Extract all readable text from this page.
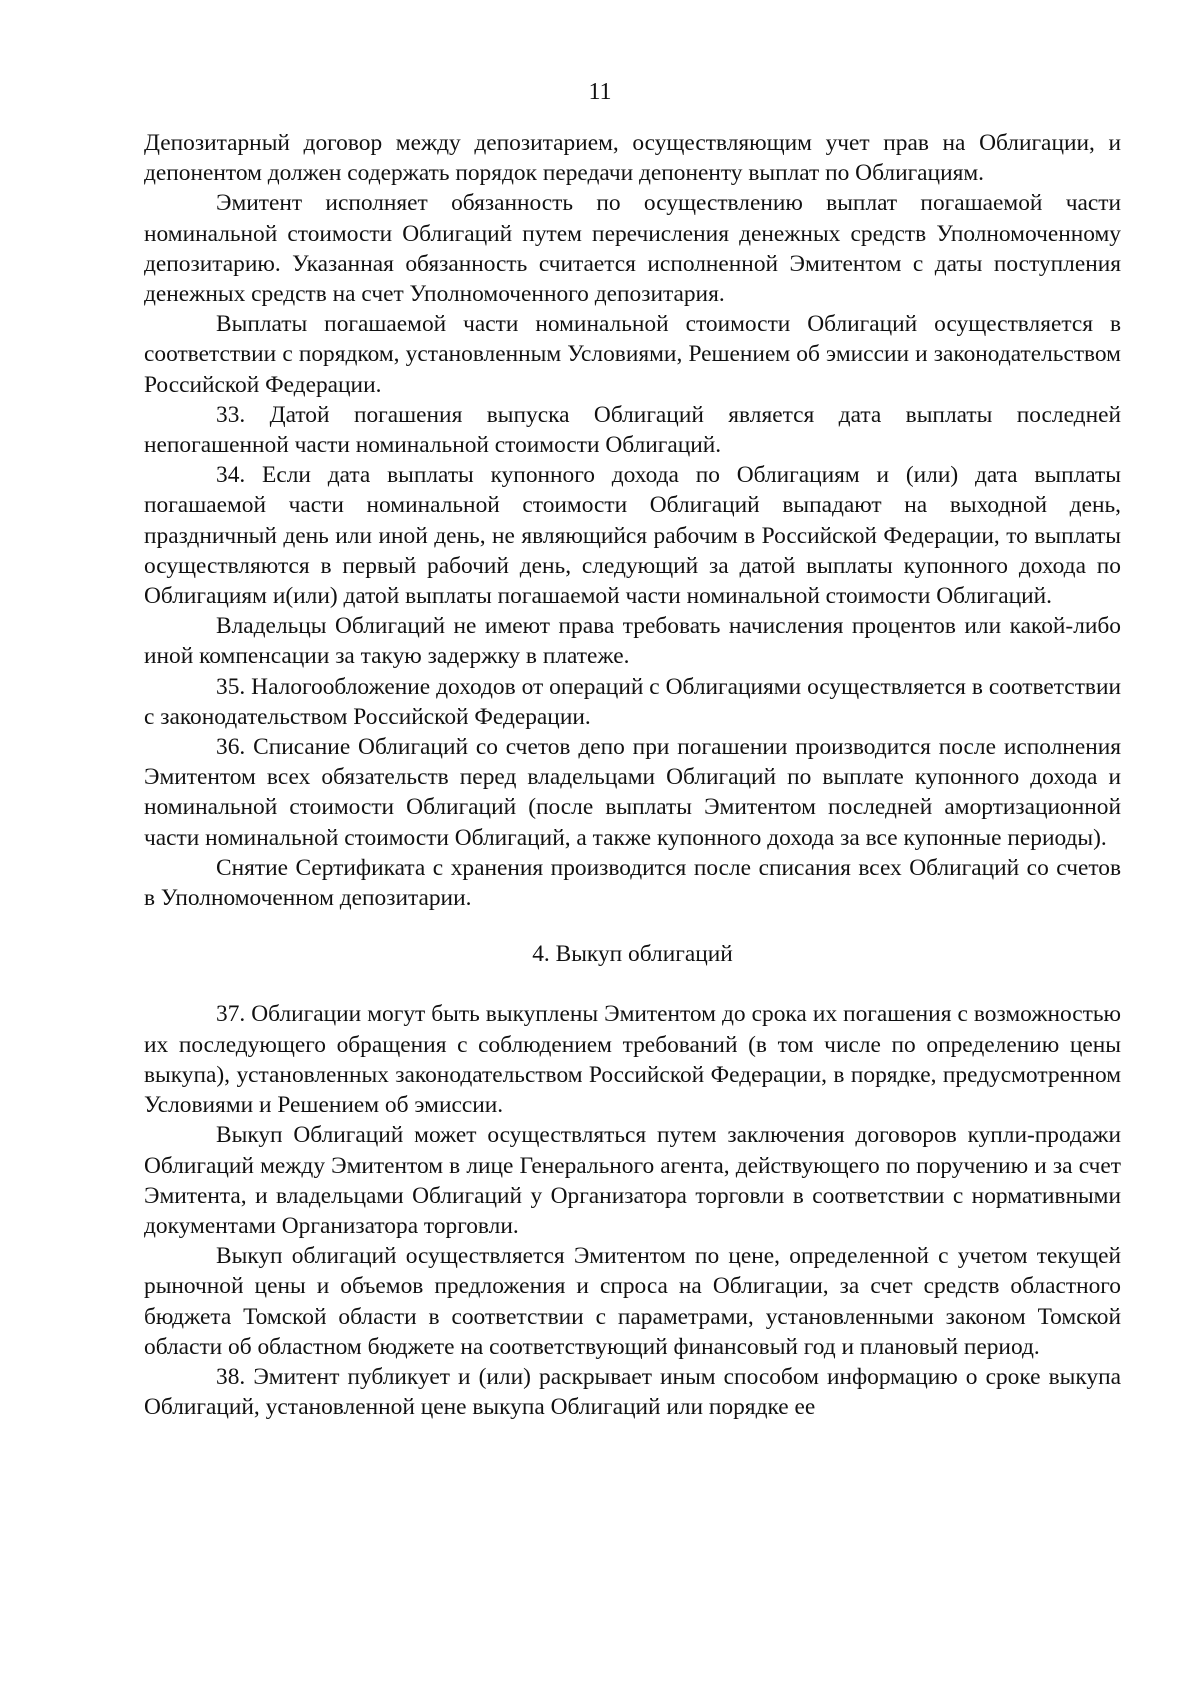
11

Депозитарный договор между депозитарием, осуществляющим учет прав на Облигации, и депонентом должен содержать порядок передачи депоненту выплат по Облигациям.

Эмитент исполняет обязанность по осуществлению выплат погашаемой части номинальной стоимости Облигаций путем перечисления денежных средств Уполномоченному депозитарию. Указанная обязанность считается исполненной Эмитентом с даты поступления денежных средств на счет Уполномоченного депозитария.

Выплаты погашаемой части номинальной стоимости Облигаций осуществляется в соответствии с порядком, установленным Условиями, Решением об эмиссии и законодательством Российской Федерации.

33. Датой погашения выпуска Облигаций является дата выплаты последней непогашенной части номинальной стоимости Облигаций.

34. Если дата выплаты купонного дохода по Облигациям и (или) дата выплаты погашаемой части номинальной стоимости Облигаций выпадают на выходной день, праздничный день или иной день, не являющийся рабочим в Российской Федерации, то выплаты осуществляются в первый рабочий день, следующий за датой выплаты купонного дохода по Облигациям и(или) датой выплаты погашаемой части номинальной стоимости Облигаций.

Владельцы Облигаций не имеют права требовать начисления процентов или какой-либо иной компенсации за такую задержку в платеже.

35. Налогообложение доходов от операций с Облигациями осуществляется в соответствии с законодательством Российской Федерации.

36. Списание Облигаций со счетов депо при погашении производится после исполнения Эмитентом всех обязательств перед владельцами Облигаций по выплате купонного дохода и номинальной стоимости Облигаций (после выплаты Эмитентом последней амортизационной части номинальной стоимости Облигаций, а также купонного дохода за все купонные периоды).

Снятие Сертификата с хранения производится после списания всех Облигаций со счетов в Уполномоченном депозитарии.

4. Выкуп облигаций

37. Облигации могут быть выкуплены Эмитентом до срока их погашения с возможностью их последующего обращения с соблюдением требований (в том числе по определению цены выкупа), установленных законодательством Российской Федерации, в порядке, предусмотренном Условиями и Решением об эмиссии.

Выкуп Облигаций может осуществляться путем заключения договоров купли-продажи Облигаций между Эмитентом в лице Генерального агента, действующего по поручению и за счет Эмитента, и владельцами Облигаций у Организатора торговли в соответствии с нормативными документами Организатора торговли.

Выкуп облигаций осуществляется Эмитентом по цене, определенной с учетом текущей рыночной цены и объемов предложения и спроса на Облигации, за счет средств областного бюджета Томской области в соответствии с параметрами, установленными законом Томской области об областном бюджете на соответствующий финансовый год и плановый период.

38. Эмитент публикует и (или) раскрывает иным способом информацию о сроке выкупа Облигаций, установленной цене выкупа Облигаций или порядке ее
